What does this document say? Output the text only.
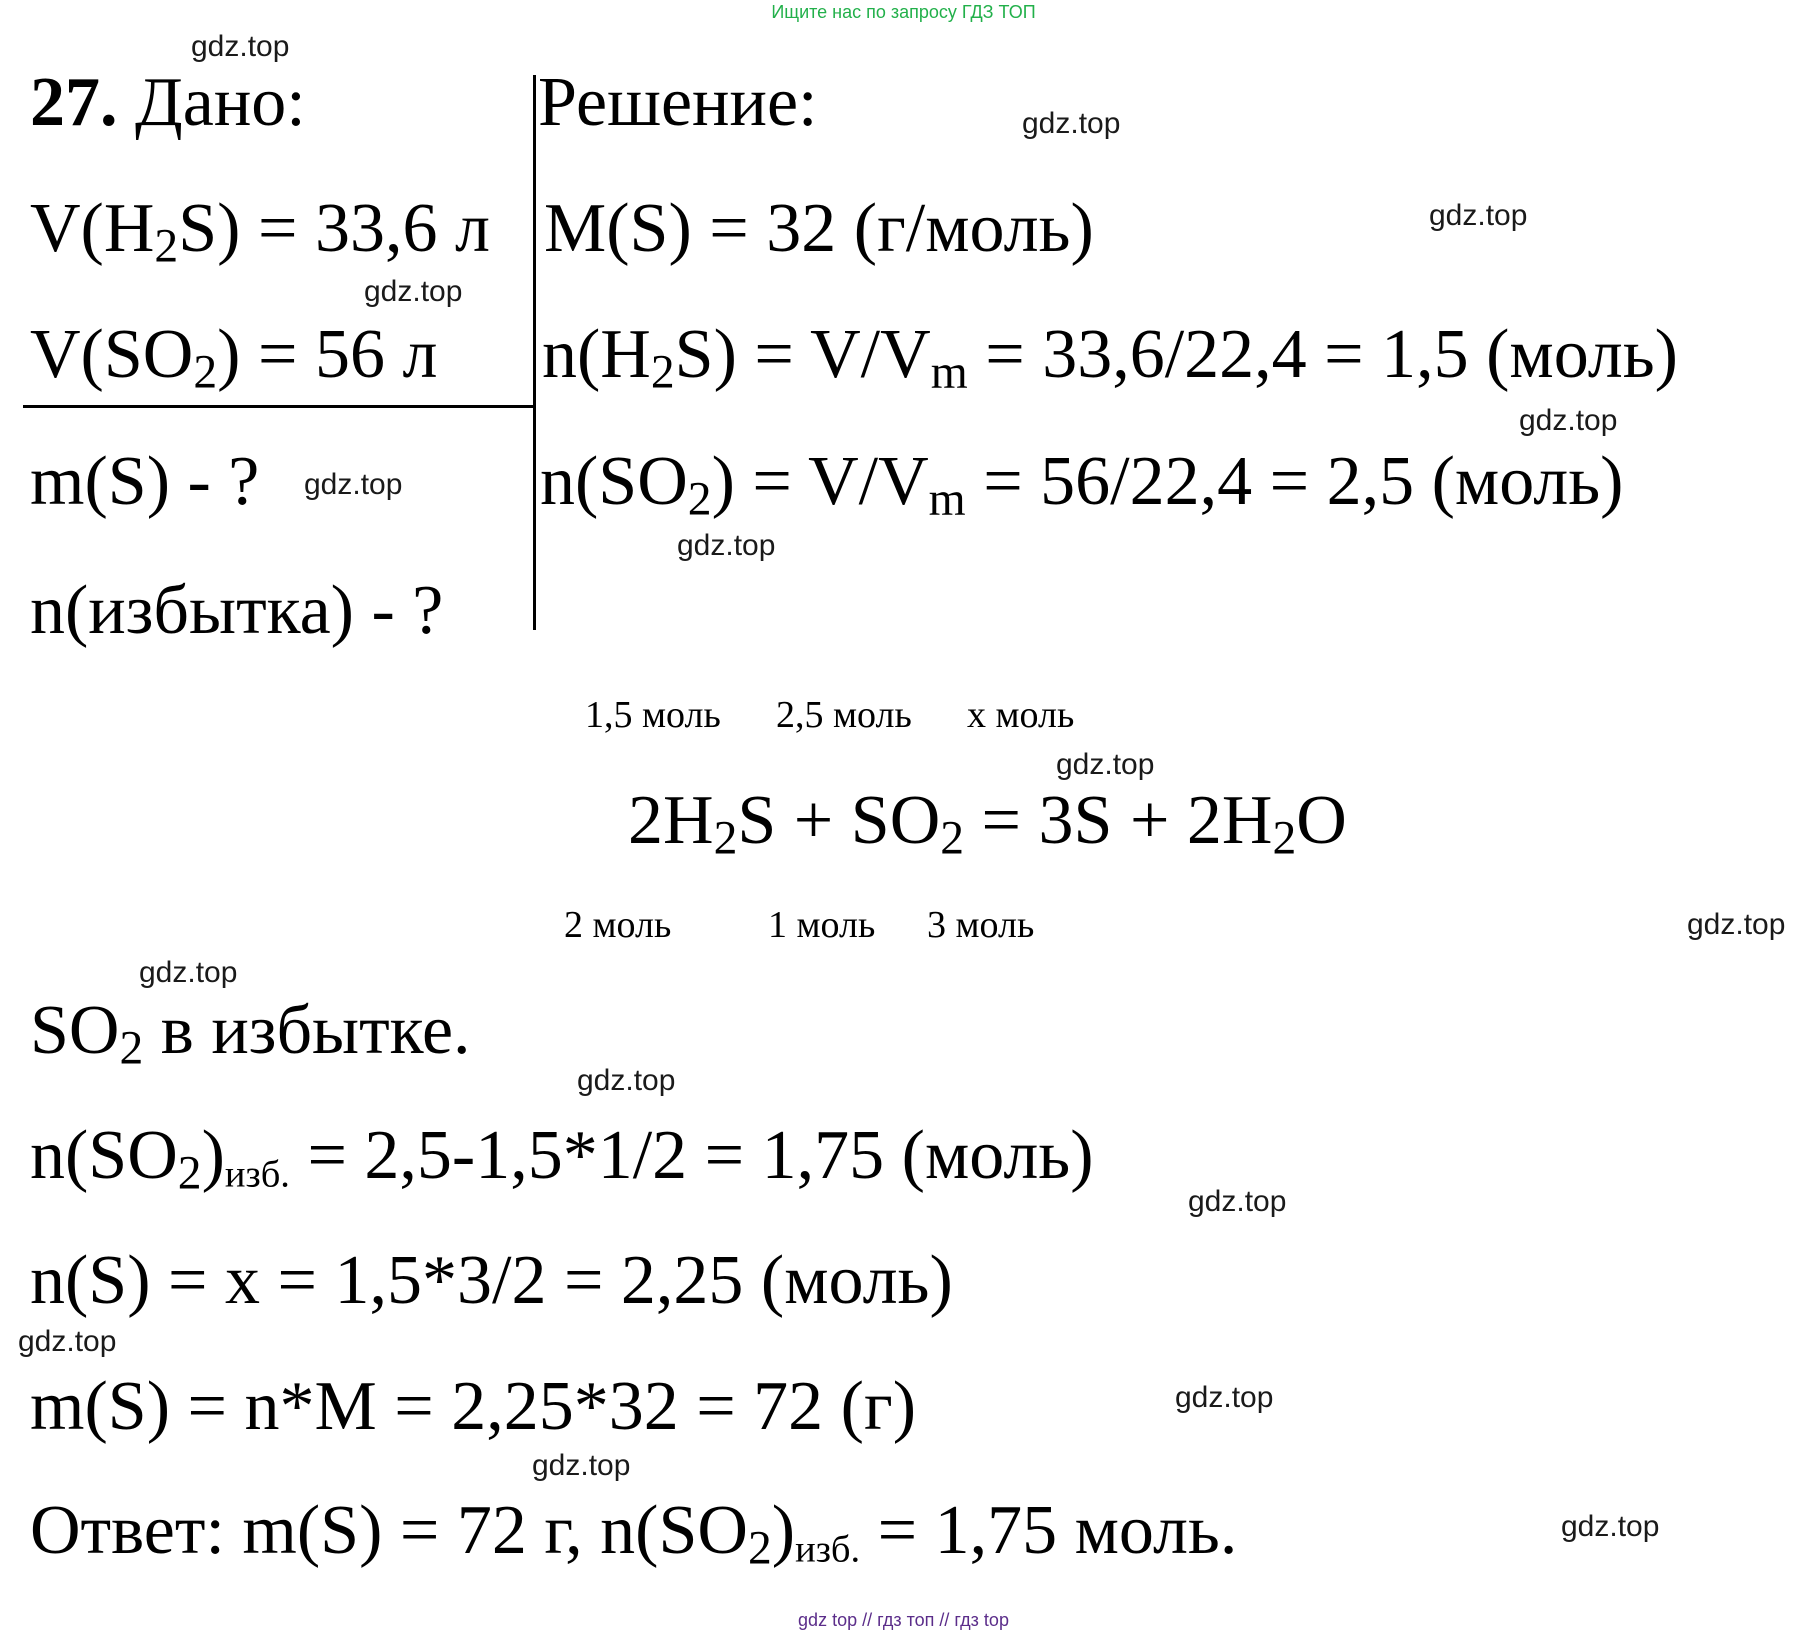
Ищите нас по запросу ГДЗ ТОП
gdz top // гдз топ // гдз top
27. Дано:
$V(H_2S) = 33,6$ л
$V(SO_2) = 56$ л
m(S) - ?
n(избытка) - ?
Решение:
M(S) = 32 (г/моль)
$n(H_2S) = V/V_m = 33,6/22,4 = 1,5$ (моль)
$n(SO_2) = V/V_m = 56/22,4 = 2,5$ (моль)
1,5 моль 2,5 моль x моль
$2H_2S + SO_2 = 3S + 2H_2O$
2 моль	1 моль 3 моль
$SO_2$ в избытке.
$n(SO_2)_{изб.} = 2,5-1,5*1/2 = 1,75$ (моль)
n(S) = x = 1,5*3/2 = 2,25 (моль)
m(S) = n*M = 2,25*32 = 72 (г)
Ответ: m(S) = 72 г, $n(SO_2)_{изб.} = 1,75$ моль.
gdz.top
gdz.top
gdz.top
gdz.top
gdz.top
gdz.top
gdz.top
gdz.top
gdz.top
gdz.top
gdz.top
gdz.top
gdz.top
gdz.top
gdz.top
gdz.top
